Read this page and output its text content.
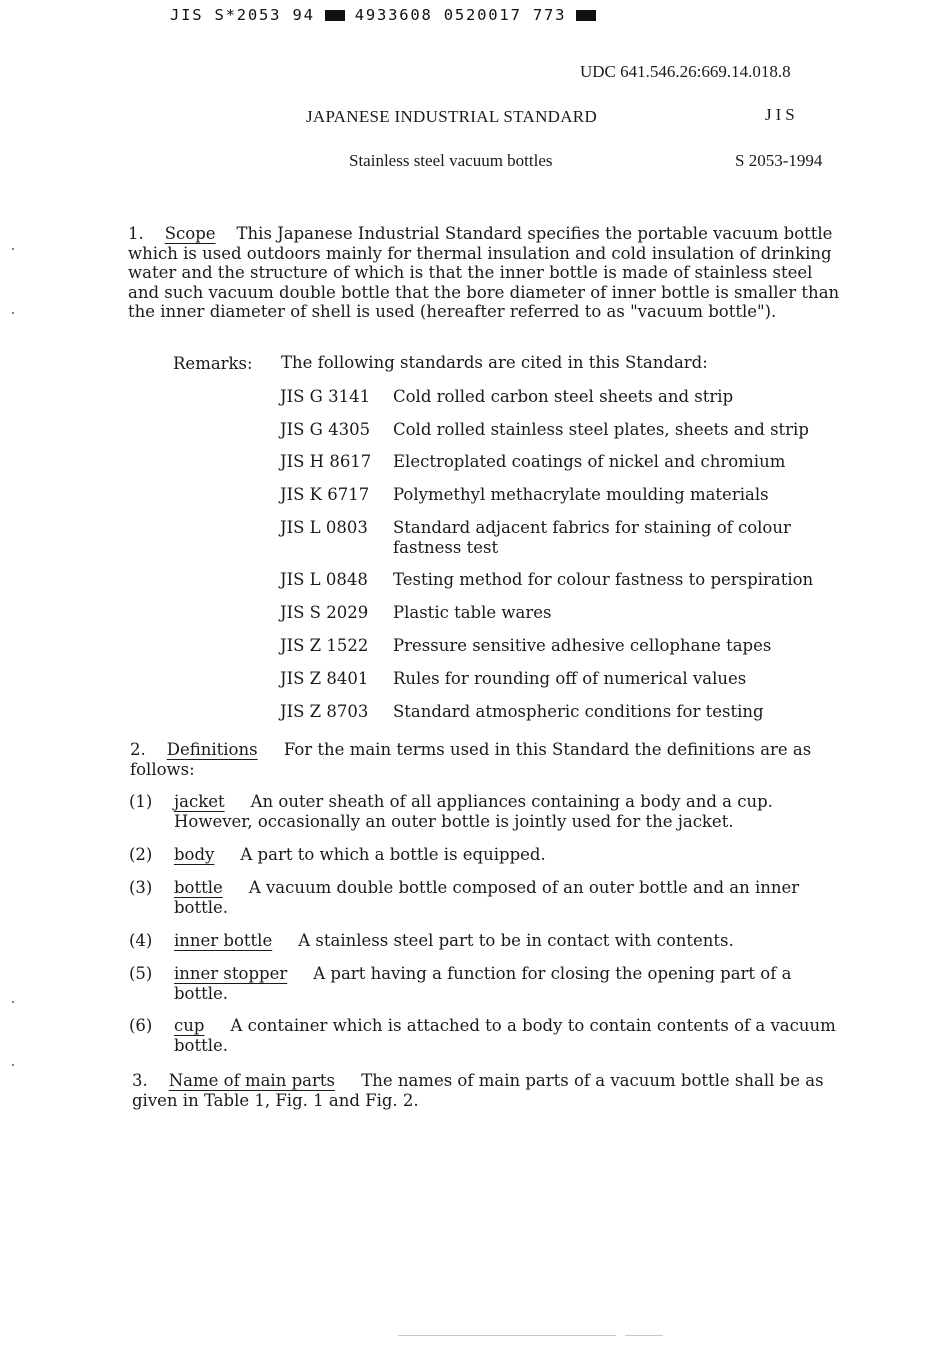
JIS S*2053 94	4933608 0520017 773
UDC 641.546.26:669.14.018.8
JAPANESE INDUSTRIAL STANDARD	JIS
Stainless steel vacuum bottles	S 2053-1994
1. Scope This Japanese Industrial Standard specifies the portable vacuum bottle which is used outdoors mainly for thermal insulation and cold insulation of drinking water and the structure of which is that the inner bottle is made of stainless steel and such vacuum double bottle that the bore diameter of inner bottle is smaller than the inner diameter of shell is used (hereafter referred to as "vacuum bottle").
Remarks: The following standards are cited in this Standard:
JIS G 3141 Cold rolled carbon steel sheets and strip
JIS G 4305 Cold rolled stainless steel plates, sheets and strip
JIS H 8617 Electroplated coatings of nickel and chromium
JIS K 6717 Polymethyl methacrylate moulding materials
JIS L 0803 Standard adjacent fabrics for staining of colour fastness test
JIS L 0848 Testing method for colour fastness to perspiration
JIS S 2029 Plastic table wares
JIS Z 1522 Pressure sensitive adhesive cellophane tapes
JIS Z 8401 Rules for rounding off of numerical values
JIS Z 8703 Standard atmospheric conditions for testing
2. Definitions For the main terms used in this Standard the definitions are as follows:
(1) jacket An outer sheath of all appliances containing a body and a cup. However, occasionally an outer bottle is jointly used for the jacket.
(2) body A part to which a bottle is equipped.
(3) bottle A vacuum double bottle composed of an outer bottle and an inner bottle.
(4) inner bottle A stainless steel part to be in contact with contents.
(5) inner stopper A part having a function for closing the opening part of a bottle.
(6) cup A container which is attached to a body to contain contents of a vacuum bottle.
3. Name of main parts The names of main parts of a vacuum bottle shall be as given in Table 1, Fig. 1 and Fig. 2.
